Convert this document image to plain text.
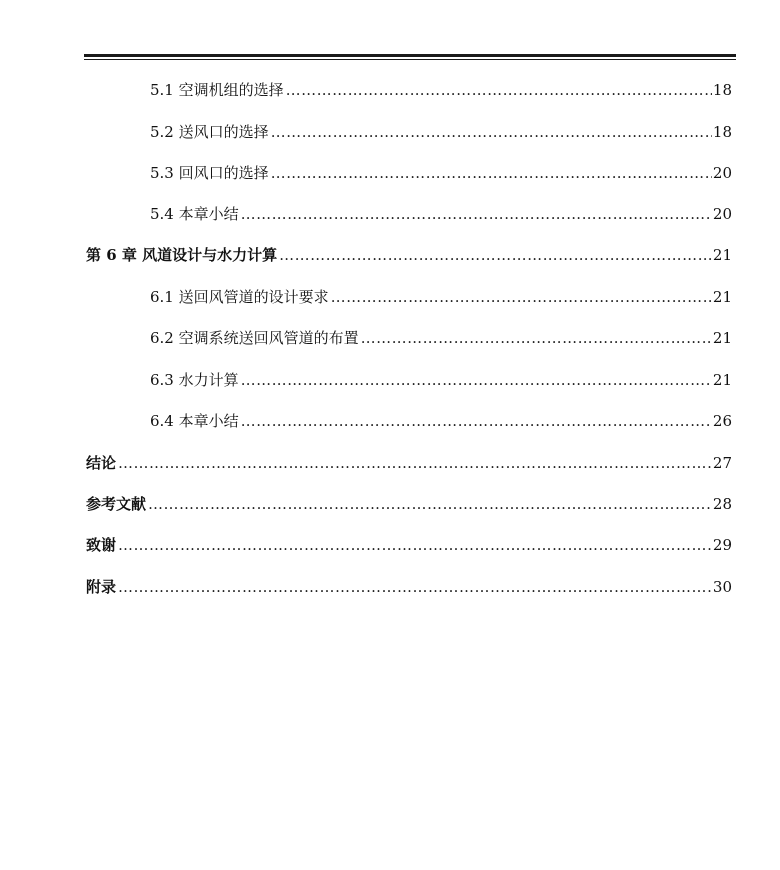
5.1 空调机组的选择 …………………………………………………………………………………………………………………………………………………………………………………………………	18
5.2 送风口的选择 …………………………………………………………………………………………………………………………………………………………………………………………………	18
5.3 回风口的选择 …………………………………………………………………………………………………………………………………………………………………………………………………	20
5.4 本章小结 …………………………………………………………………………………………………………………………………………………………………………………………………	20
第 6 章 风道设计与水力计算 …………………………………………………………………………………………………………………………………………………………………………………………………	21
6.1 送回风管道的设计要求 …………………………………………………………………………………………………………………………………………………………………………………………………	21
6.2 空调系统送回风管道的布置 …………………………………………………………………………………………………………………………………………………………………………………………………	21
6.3 水力计算 …………………………………………………………………………………………………………………………………………………………………………………………………	21
6.4 本章小结 …………………………………………………………………………………………………………………………………………………………………………………………………	26
结论 …………………………………………………………………………………………………………………………………………………………………………………………………	27
参考文献 …………………………………………………………………………………………………………………………………………………………………………………………………	28
致谢 …………………………………………………………………………………………………………………………………………………………………………………………………	29
附录 …………………………………………………………………………………………………………………………………………………………………………………………………	30
